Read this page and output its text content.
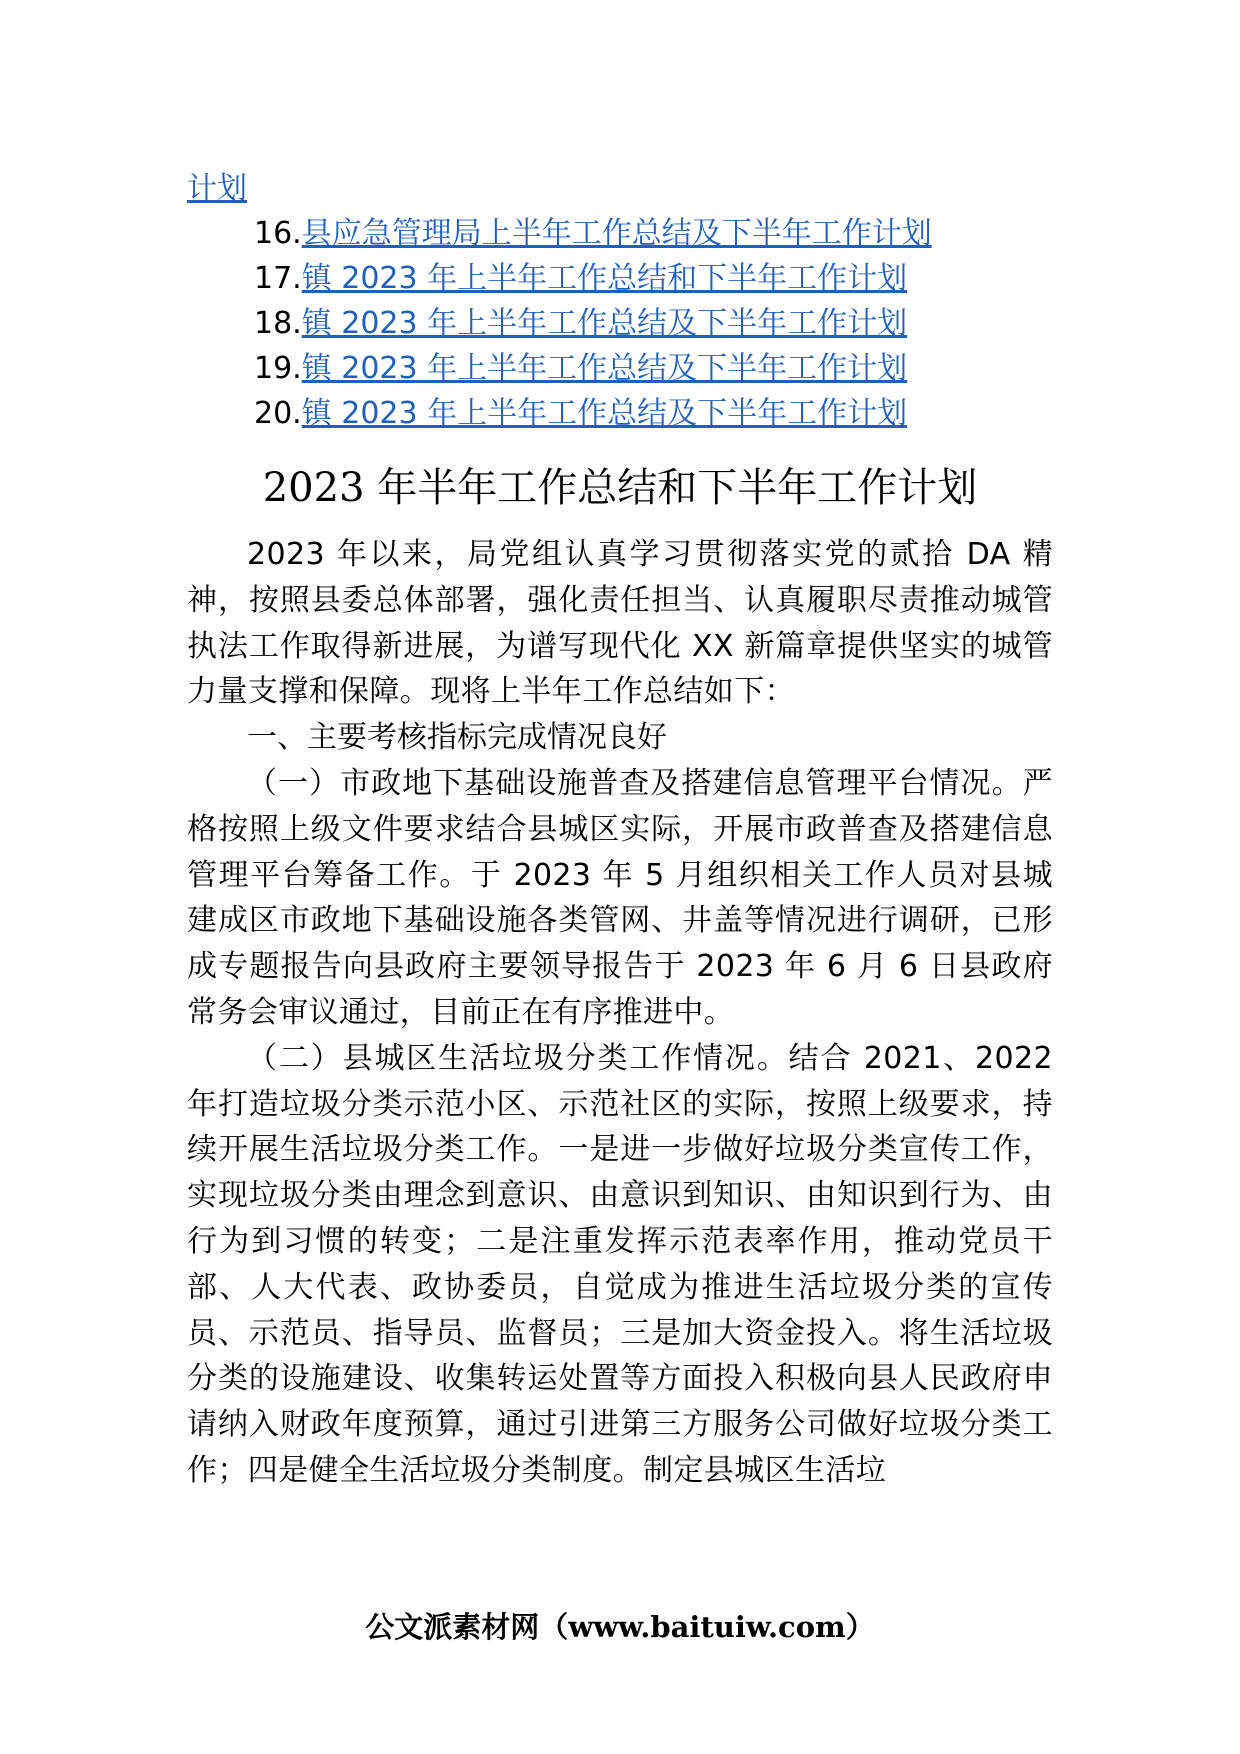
计划
16.县应急管理局上半年工作总结及下半年工作计划
17.镇 2023 年上半年工作总结和下半年工作计划
18.镇 2023 年上半年工作总结及下半年工作计划
19.镇 2023 年上半年工作总结及下半年工作计划
20.镇 2023 年上半年工作总结及下半年工作计划
2023 年半年工作总结和下半年工作计划

2023 年以来，局党组认真学习贯彻落实党的贰拾 DA 精神，按照县委总体部署，强化责任担当、认真履职尽责推动城管执法工作取得新进展，为谱写现代化 XX 新篇章提供坚实的城管力量支撑和保障。现将上半年工作总结如下：

一、主要考核指标完成情况良好

（一）市政地下基础设施普查及搭建信息管理平台情况。严格按照上级文件要求结合县城区实际，开展市政普查及搭建信息管理平台筹备工作。于 2023 年 5 月组织相关工作人员对县城建成区市政地下基础设施各类管网、井盖等情况进行调研，已形成专题报告向县政府主要领导报告于 2023 年 6 月 6 日县政府常务会审议通过，目前正在有序推进中。

（二）县城区生活垃圾分类工作情况。结合 2021、2022 年打造垃圾分类示范小区、示范社区的实际，按照上级要求，持续开展生活垃圾分类工作。一是进一步做好垃圾分类宣传工作，实现垃圾分类由理念到意识、由意识到知识、由知识到行为、由行为到习惯的转变；二是注重发挥示范表率作用，推动党员干部、人大代表、政协委员，自觉成为推进生活垃圾分类的宣传员、示范员、指导员、监督员；三是加大资金投入。将生活垃圾分类的设施建设、收集转运处置等方面投入积极向县人民政府申请纳入财政年度预算，通过引进第三方服务公司做好垃圾分类工作；四是健全生活垃圾分类制度。制定县城区生活垃

公文派素材网（www.baituiw.com）
